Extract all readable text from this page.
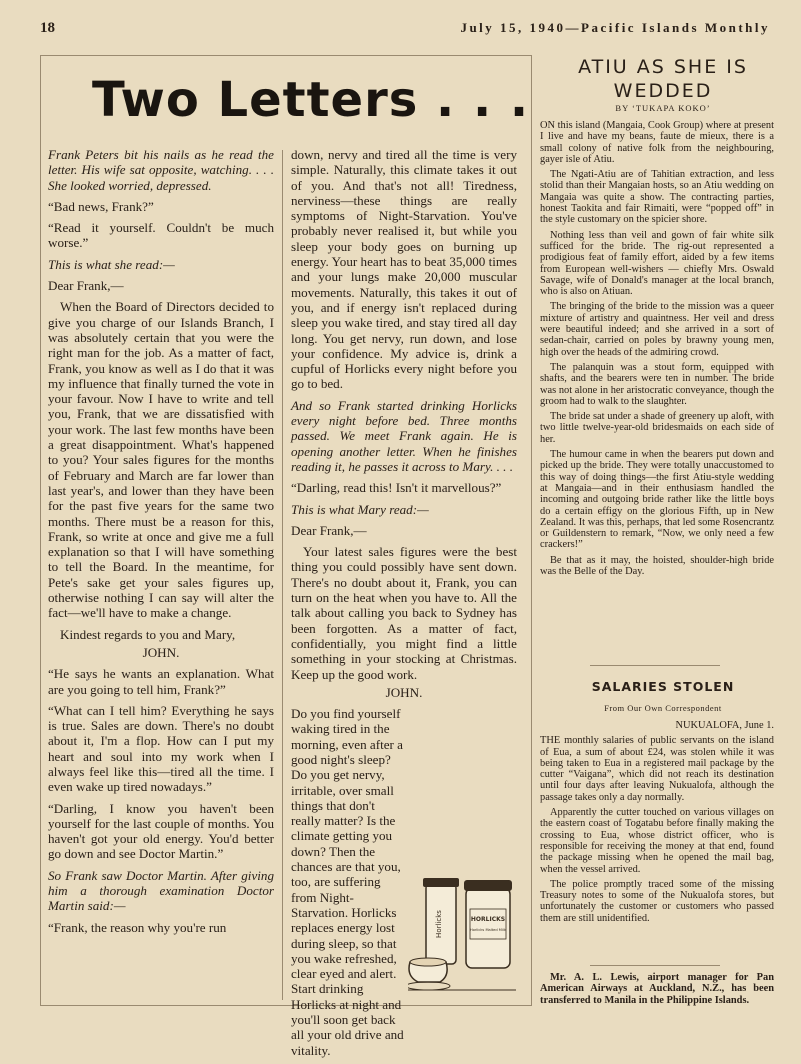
18	July 15, 1940—Pacific Islands Monthly
Two Letters . . .

Frank Peters bit his nails as he read the letter. His wife sat opposite, watching. . . . She looked worried, depressed.

“Bad news, Frank?”

“Read it yourself. Couldn't be much worse.”

This is what she read:—

Dear Frank,—

When the Board of Directors decided to give you charge of our Islands Branch, I was absolutely certain that you were the right man for the job. As a matter of fact, Frank, you know as well as I do that it was my influence that finally turned the vote in your favour. Now I have to write and tell you, Frank, that we are dissatisfied with your work. The last few months have been a great disappointment. What's happened to you? Your sales figures for the months of February and March are far lower than last year's, and lower than they have been for the past five years for the same two months. There must be a reason for this, Frank, so write at once and give me a full explanation so that I will have something to tell the Board. In the meantime, for Pete's sake get your sales figures up, otherwise nothing I can say will alter the fact—we'll have to make a change.

Kindest regards to you and Mary,

JOHN.

“He says he wants an explanation. What are you going to tell him, Frank?”

“What can I tell him? Everything he says is true. Sales are down. There's no doubt about it, I'm a flop. How can I put my heart and soul into my work when I always feel like this—tired all the time. I even wake up tired nowadays.”

“Darling, I know you haven't been yourself for the last couple of months. You haven't got your old energy. You'd better go down and see Doctor Martin.”

So Frank saw Doctor Martin. After giving him a thorough examination Doctor Martin said:—

“Frank, the reason why you're run

down, nervy and tired all the time is very simple. Naturally, this climate takes it out of you. And that's not all! Tiredness, nerviness—these things are really symptoms of Night-Starvation. You've probably never realised it, but while you sleep your body goes on burning up energy. Your heart has to beat 35,000 times and your lungs make 20,000 muscular movements. Naturally, this takes it out of you, and if energy isn't replaced during sleep you wake tired, and stay tired all day long. You get nervy, run down, and lose your confidence. My advice is, drink a cupful of Horlicks every night before you go to bed.

And so Frank started drinking Horlicks every night before bed. Three months passed. We meet Frank again. He is opening another letter. When he finishes reading it, he passes it across to Mary. . . .

“Darling, read this! Isn't it marvellous?”

This is what Mary read:—

Dear Frank,—

Your latest sales figures were the best thing you could possibly have sent down. There's no doubt about it, Frank, you can turn on the heat when you have to. All the talk about calling you back to Sydney has been forgotten. As a matter of fact, confidentially, you might find a little something in your stocking at Christmas. Keep up the good work.

JOHN.

Do you find yourself waking tired in the morning, even after a good night's sleep? Do you get nervy, irritable, over small things that don't really matter? Is the climate getting you down? Then the chances are that you, too, are suffering from Night-Starvation. Horlicks replaces energy lost during sleep, so that you wake refreshed, clear eyed and alert. Start drinking Horlicks at night and you'll soon get back all your old drive and vitality.

Horlicks	HORLICKS
Horlicks Malted Milk
ATIU AS SHE IS WEDDED
BY ‘TUKAPA KOKO’

ON this island (Mangaia, Cook Group) where at present I live and have my beans, faute de mieux, there is a small colony of native folk from the neighbouring, gayer isle of Atiu.

The Ngati-Atiu are of Tahitian extraction, and less stolid than their Mangaian hosts, so an Atiu wedding on Mangaia was quite a show. The contracting parties, honest Taokita and fair Rimaiti, were “popped off” in the style customary on the spicier shore.

Nothing less than veil and gown of fair white silk sufficed for the bride. The rig-out represented a prodigious feat of family effort, aided by a few items from European well-wishers — chiefly Mrs. Oswald Savage, wife of Donald's manager at the local branch, who is also on Atiuan.

The bringing of the bride to the mission was a queer mixture of artistry and quaintness. Her veil and dress were beautiful indeed; and she arrived in a sort of sedan-chair, carried on poles by brawny young men, high over the heads of the admiring crowd.

The palanquin was a stout form, equipped with shafts, and the bearers were ten in number. The bride was not alone in her aristocratic conveyance, though the groom had to walk to the slaughter.

The bride sat under a shade of greenery up aloft, with two little twelve-year-old bridesmaids on each side of her.

The humour came in when the bearers put down and picked up the bride. They were totally unaccustomed to this way of doing things—the first Atiu-style wedding at Mangaia—and in their enthusiasm handled the incoming and outgoing bride rather like the little boys do a certain effigy on the glorious Fifth, up in New Zealand. It was this, perhaps, that led some Rosencrantz or Guildenstern to remark, “Now, we only need a few crackers!”

Be that as it may, the hoisted, shoulder-high bride was the Belle of the Day.

SALARIES STOLEN
From Our Own Correspondent

NUKUALOFA, June 1.

THE monthly salaries of public servants on the island of Eua, a sum of about £24, was stolen while it was being taken to Eua in a registered mail package by the cutter “Vaigana”, which did not reach its destination until four days after leaving Nukualofa, although the passage takes only a day normally.

Apparently the cutter touched on various villages on the eastern coast of Togatabu before finally making the crossing to Eua, whose district officer, who is responsible for receiving the money at that end, found the package missing when he opened the mail bag, when the vessel arrived.

The police promptly traced some of the missing Treasury notes to some of the Nukualofa stores, but unfortunately the customer or customers who passed them are still unidentified.

Mr. A. L. Lewis, airport manager for Pan American Airways at Auckland, N.Z., has been transferred to Manila in the Philippine Islands.
